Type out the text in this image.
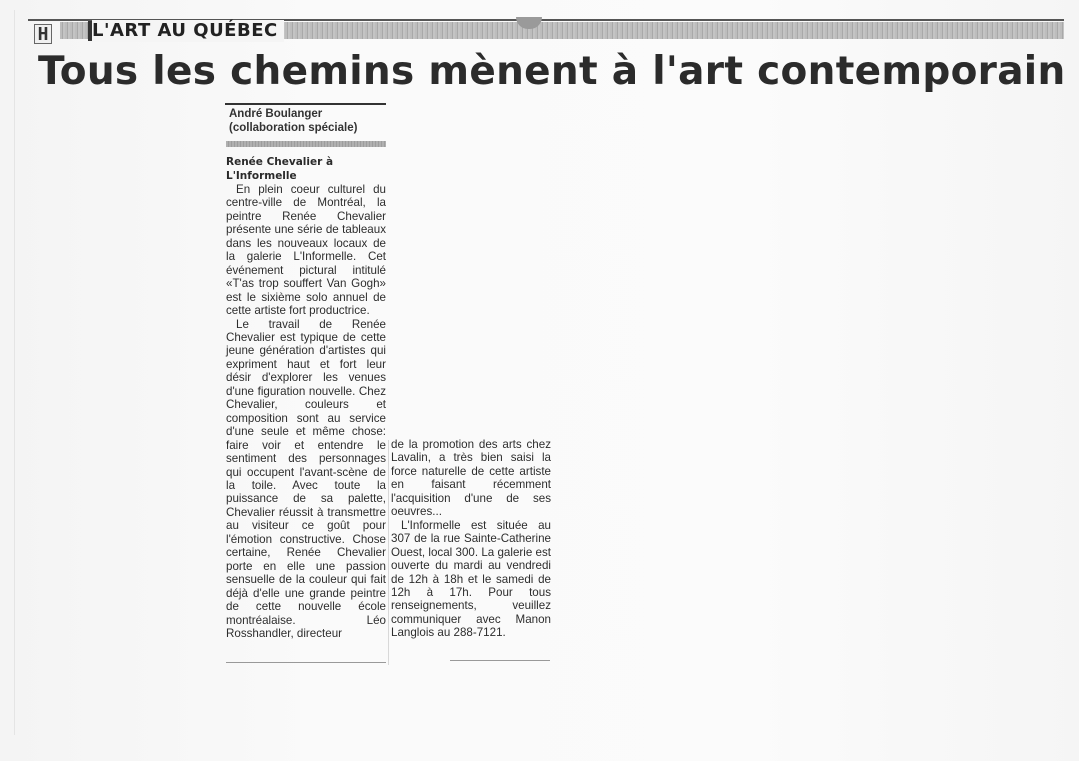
H L'ART AU QUÉBEC
Tous les chemins mènent à l'art contemporain
André Boulanger
(collaboration spéciale)
Renée Chevalier à L'Informelle

En plein coeur culturel du centre-ville de Montréal, la peintre Renée Chevalier présente une série de tableaux dans les nouveaux locaux de la galerie L'Informelle. Cet événement pictural intitulé «T'as trop souffert Van Gogh» est le sixième solo annuel de cette artiste fort productrice.

Le travail de Renée Chevalier est typique de cette jeune génération d'artistes qui expriment haut et fort leur désir d'explorer les venues d'une figuration nouvelle. Chez Chevalier, couleurs et composition sont au service d'une seule et même chose: faire voir et entendre le sentiment des personnages qui occupent l'avant-scène de la toile. Avec toute la puissance de sa palette, Chevalier réussit à transmettre au visiteur ce goût pour l'émotion constructive. Chose certaine, Renée Chevalier porte en elle une passion sensuelle de la couleur qui fait déjà d'elle une grande peintre de cette nouvelle école montréalaise. Léo Rosshandler, directeur

de la promotion des arts chez Lavalin, a très bien saisi la force naturelle de cette artiste en faisant récemment l'acquisition d'une de ses oeuvres...

L'Informelle est située au 307 de la rue Sainte-Catherine Ouest, local 300. La galerie est ouverte du mardi au vendredi de 12h à 18h et le samedi de 12h à 17h. Pour tous renseignements, veuillez communiquer avec Manon Langlois au 288-7121.
